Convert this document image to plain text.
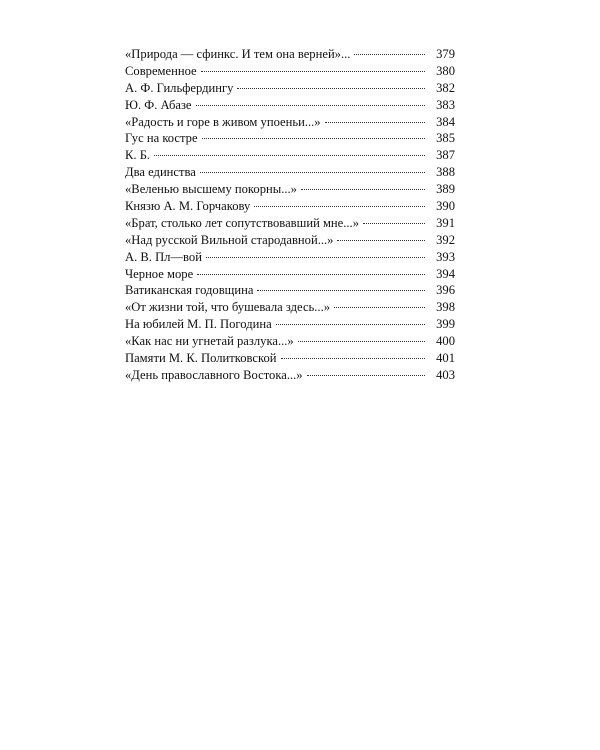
«Природа — сфинкс. И тем она верней»...	379
Современное	380
А. Ф. Гильфердингу	382
Ю. Ф. Абазе	383
«Радость и горе в живом упоеньи...»	384
Гус на костре	385
К. Б.	387
Два единства	388
«Веленью высшему покорны...»	389
Князю А. М. Горчакову	390
«Брат, столько лет сопутствовавший мне...»	391
«Над русской Вильной стародавной...»	392
А. В. Пл—вой	393
Черное море	394
Ватиканская годовщина	396
«От жизни той, что бушевала здесь...»	398
На юбилей М. П. Погодина	399
«Как нас ни угнетай разлука...»	400
Памяти М. К. Политковской	401
«День православного Востока...»	403
